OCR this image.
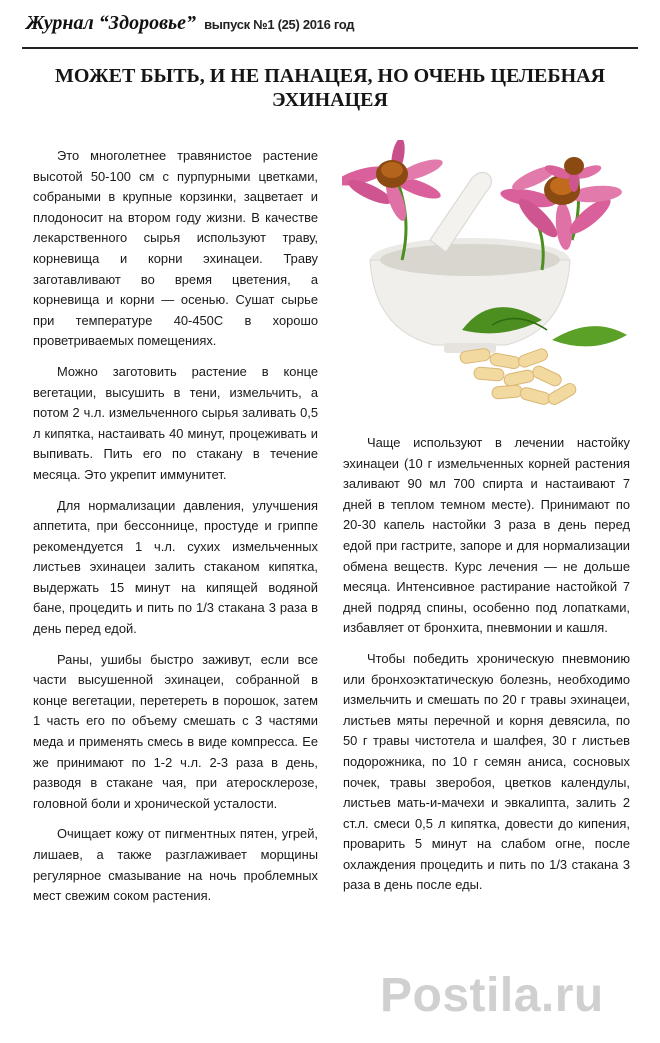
Журнал “Здоровье” выпуск №1 (25) 2016 год
МОЖЕТ БЫТЬ, И НЕ ПАНАЦЕЯ, НО ОЧЕНЬ ЦЕЛЕБНАЯ
ЭХИНАЦЕЯ

Это многолетнее травянистое растение высотой 50-100 см с пурпурными цветками, собраными в крупные корзинки, зацветает и плодоносит на втором году жизни. В качестве лекарственного сырья используют траву, корневища и корни эхинацеи. Траву заготавливают во время цветения, а корневища и корни — осенью. Сушат сырье при температуре 40-450С в хорошо проветриваемых помещениях.

Можно заготовить растение в конце вегетации, высушить в тени, измельчить, а потом 2 ч.л. измельченного сырья заливать 0,5 л кипятка, настаивать 40 минут, процеживать и выпивать. Пить его по стакану в течение месяца. Это укрепит иммунитет.

Для нормализации давления, улучшения аппетита, при бессоннице, простуде и гриппе рекомендуется 1 ч.л. сухих измельченных листьев эхинацеи залить стаканом кипятка, выдержать 15 минут на кипящей водяной бане, процедить и пить по 1/3 стакана 3 раза в день перед едой.

Раны, ушибы быстро заживут, если все части высушенной эхинацеи, собранной в конце вегетации, перетереть в порошок, затем 1 часть его по объему смешать с 3 частями меда и применять смесь в виде компресса. Ее же принимают по 1-2 ч.л. 2-3 раза в день, разводя в стакане чая, при атеросклерозе, головной боли и хронической усталости.

Очищает кожу от пигментных пятен, угрей, лишаев, а также разглаживает морщины регулярное смазывание на ночь проблемных мест свежим соком растения.

Чаще используют в лечении настойку эхинацеи (10 г измельченных корней растения заливают 90 мл 700 спирта и настаивают 7 дней в теплом темном месте). Принимают по 20-30 капель настойки 3 раза в день перед едой при гастрите, запоре и для нормализации обмена веществ. Курс лечения — не дольше месяца. Интенсивное растирание настойкой 7 дней подряд спины, особенно под лопатками, избавляет от бронхита, пневмонии и кашля.

Чтобы победить хроническую пневмонию или бронхоэктатическую болезнь, необходимо измельчить и смешать по 20 г травы эхинацеи, листьев мяты перечной и корня девясила, по 50 г травы чистотела и шалфея, 30 г листьев подорожника, по 10 г семян аниса, сосновых почек, травы зверобоя, цветков календулы, листьев мать-и-мачехи и эвкалипта, залить 2 ст.л. смеси 0,5 л кипятка, довести до кипения, проварить 5 минут на слабом огне, после охлаждения процедить и пить по 1/3 стакана 3 раза в день после еды.

Postila.ru
